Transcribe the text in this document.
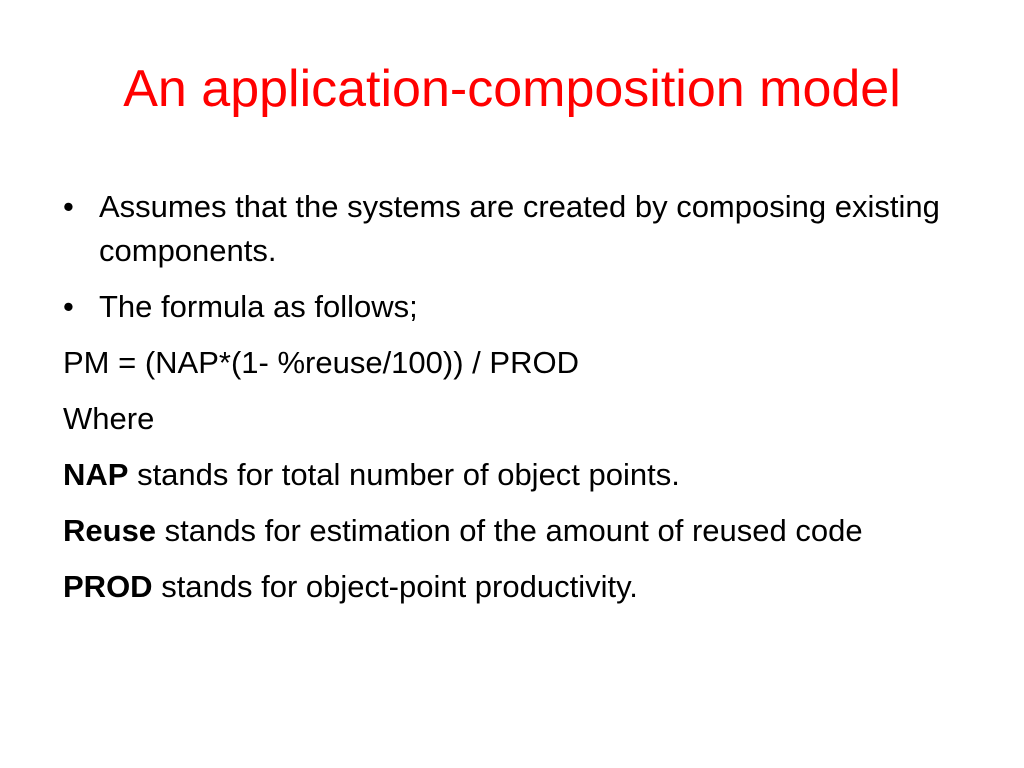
An application-composition model
• Assumes that the systems are created by composing existing components.
• The formula as follows;
PM = (NAP*(1- %reuse/100)) / PROD
Where
NAP stands for total number of object points.
Reuse stands for estimation of the amount of reused code
PROD stands for object-point productivity.
